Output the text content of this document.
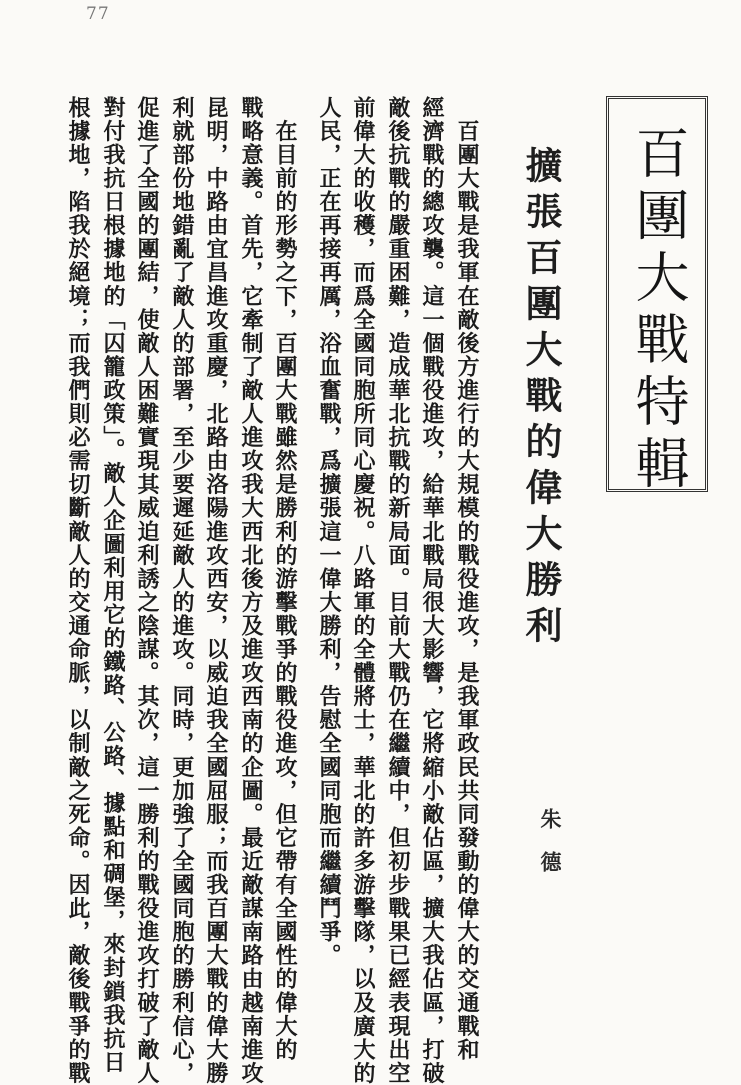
77
百團大戰特輯
擴張百團大戰的偉大勝利
朱德
　百團大戰是我軍在敵後方進行的大規模的戰役進攻，是我軍政民共同發動的偉大的交通戰和
經濟戰的總攻襲。這一個戰役進攻，給華北戰局很大影響，它將縮小敵佔區，擴大我佔區，打破
敵後抗戰的嚴重困難，造成華北抗戰的新局面。目前大戰仍在繼續中，但初步戰果已經表現出空
前偉大的收穫，而爲全國同胞所同心慶祝。八路軍的全體將士，華北的許多游擊隊，以及廣大的
人民，正在再接再厲，浴血奮戰，爲擴張這一偉大勝利，告慰全國同胞而繼續鬥爭。
　在目前的形勢之下，百團大戰雖然是勝利的游擊戰爭的戰役進攻，但它帶有全國性的偉大的
戰略意義。首先，它牽制了敵人進攻我大西北後方及進攻西南的企圖。最近敵謀南路由越南進攻
昆明，中路由宜昌進攻重慶，北路由洛陽進攻西安，以威迫我全國屈服；而我百團大戰的偉大勝
利就部份地錯亂了敵人的部署，至少要遲延敵人的進攻。同時，更加強了全國同胞的勝利信心，
促進了全國的團結，使敵人困難實現其威迫利誘之陰謀。其次，這一勝利的戰役進攻打破了敵人
對付我抗日根據地的「囚籠政策」。敵人企圖利用它的鐵路、公路、據點和碉堡，來封鎖我抗日
根據地，陷我於絕境；而我們則必需切斷敵人的交通命脈，以制敵之死命。因此，敵後戰爭的戰
